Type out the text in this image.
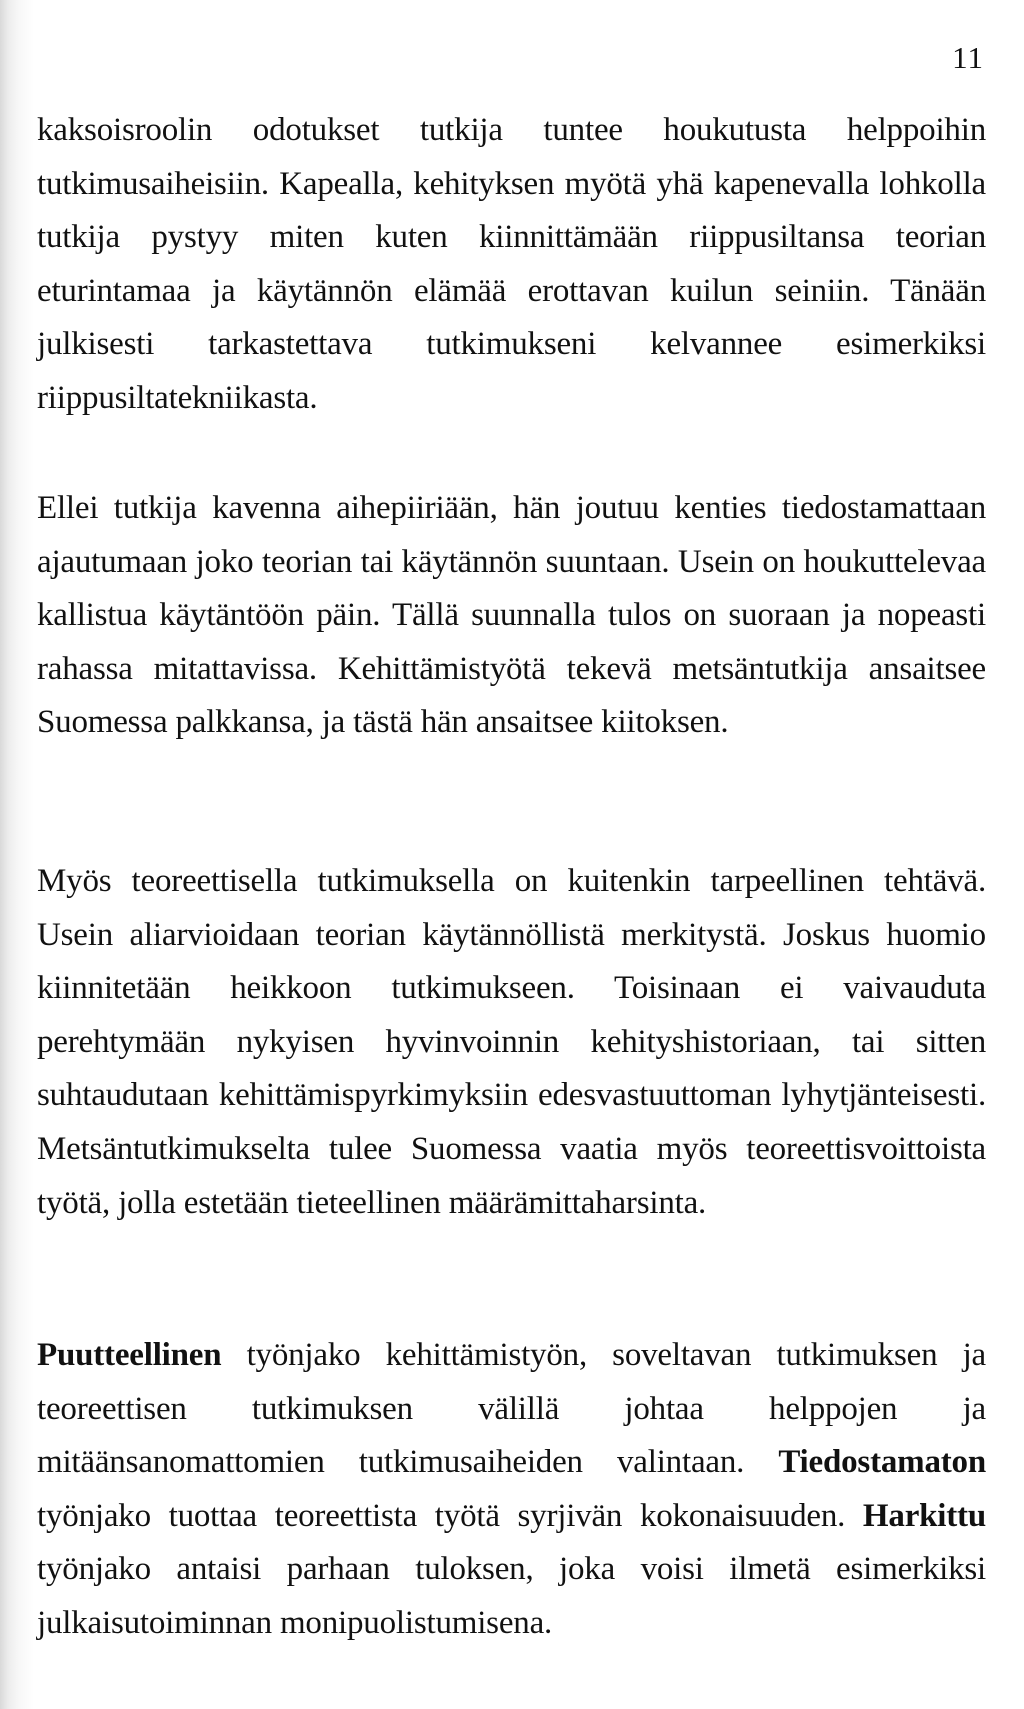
11
kaksoisroolin odotukset tutkija tuntee houkutusta helppoihin tutkimusaiheisiin. Kapealla, kehityksen myötä yhä kapenevalla lohkolla tutkija pystyy miten kuten kiinnittämään riippusiltansa teorian eturintamaa ja käytännön elämää erottavan kuilun seiniin. Tänään julkisesti tarkastettava tutkimukseni kelvannee esimerkiksi riippusiltatekniikasta.
Ellei tutkija kavenna aihepiiriään, hän joutuu kenties tiedostamattaan ajautumaan joko teorian tai käytännön suuntaan. Usein on houkuttelevaa kallistua käytäntöön päin. Tällä suunnalla tulos on suoraan ja nopeasti rahassa mitattavissa. Kehittämistyötä tekevä metsäntutkija ansaitsee Suomessa palkkansa, ja tästä hän ansaitsee kiitoksen.
Myös teoreettisella tutkimuksella on kuitenkin tarpeellinen tehtävä. Usein aliarvioidaan teorian käytännöllistä merkitystä. Joskus huomio kiinnitetään heikkoon tutkimukseen. Toisinaan ei vaivauduta perehtymään nykyisen hyvinvoinnin kehityshistoriaan, tai sitten suhtaudutaan kehittämispyrkimyksiin edesvastuuttoman lyhytjänteisesti. Metsäntutkimukselta tulee Suomessa vaatia myös teoreettisvoittoista työtä, jolla estetään tieteellinen määrämittaharsinta.
Puutteellinen työnjako kehittämistyön, soveltavan tutkimuksen ja teoreettisen tutkimuksen välillä johtaa helppojen ja mitäänsanomattomien tutkimusaiheiden valintaan. Tiedostamaton työnjako tuottaa teoreettista työtä syrjivän kokonaisuuden. Harkittu työnjako antaisi parhaan tuloksen, joka voisi ilmetä esimerkiksi julkaisutoiminnan monipuolistumisena.
